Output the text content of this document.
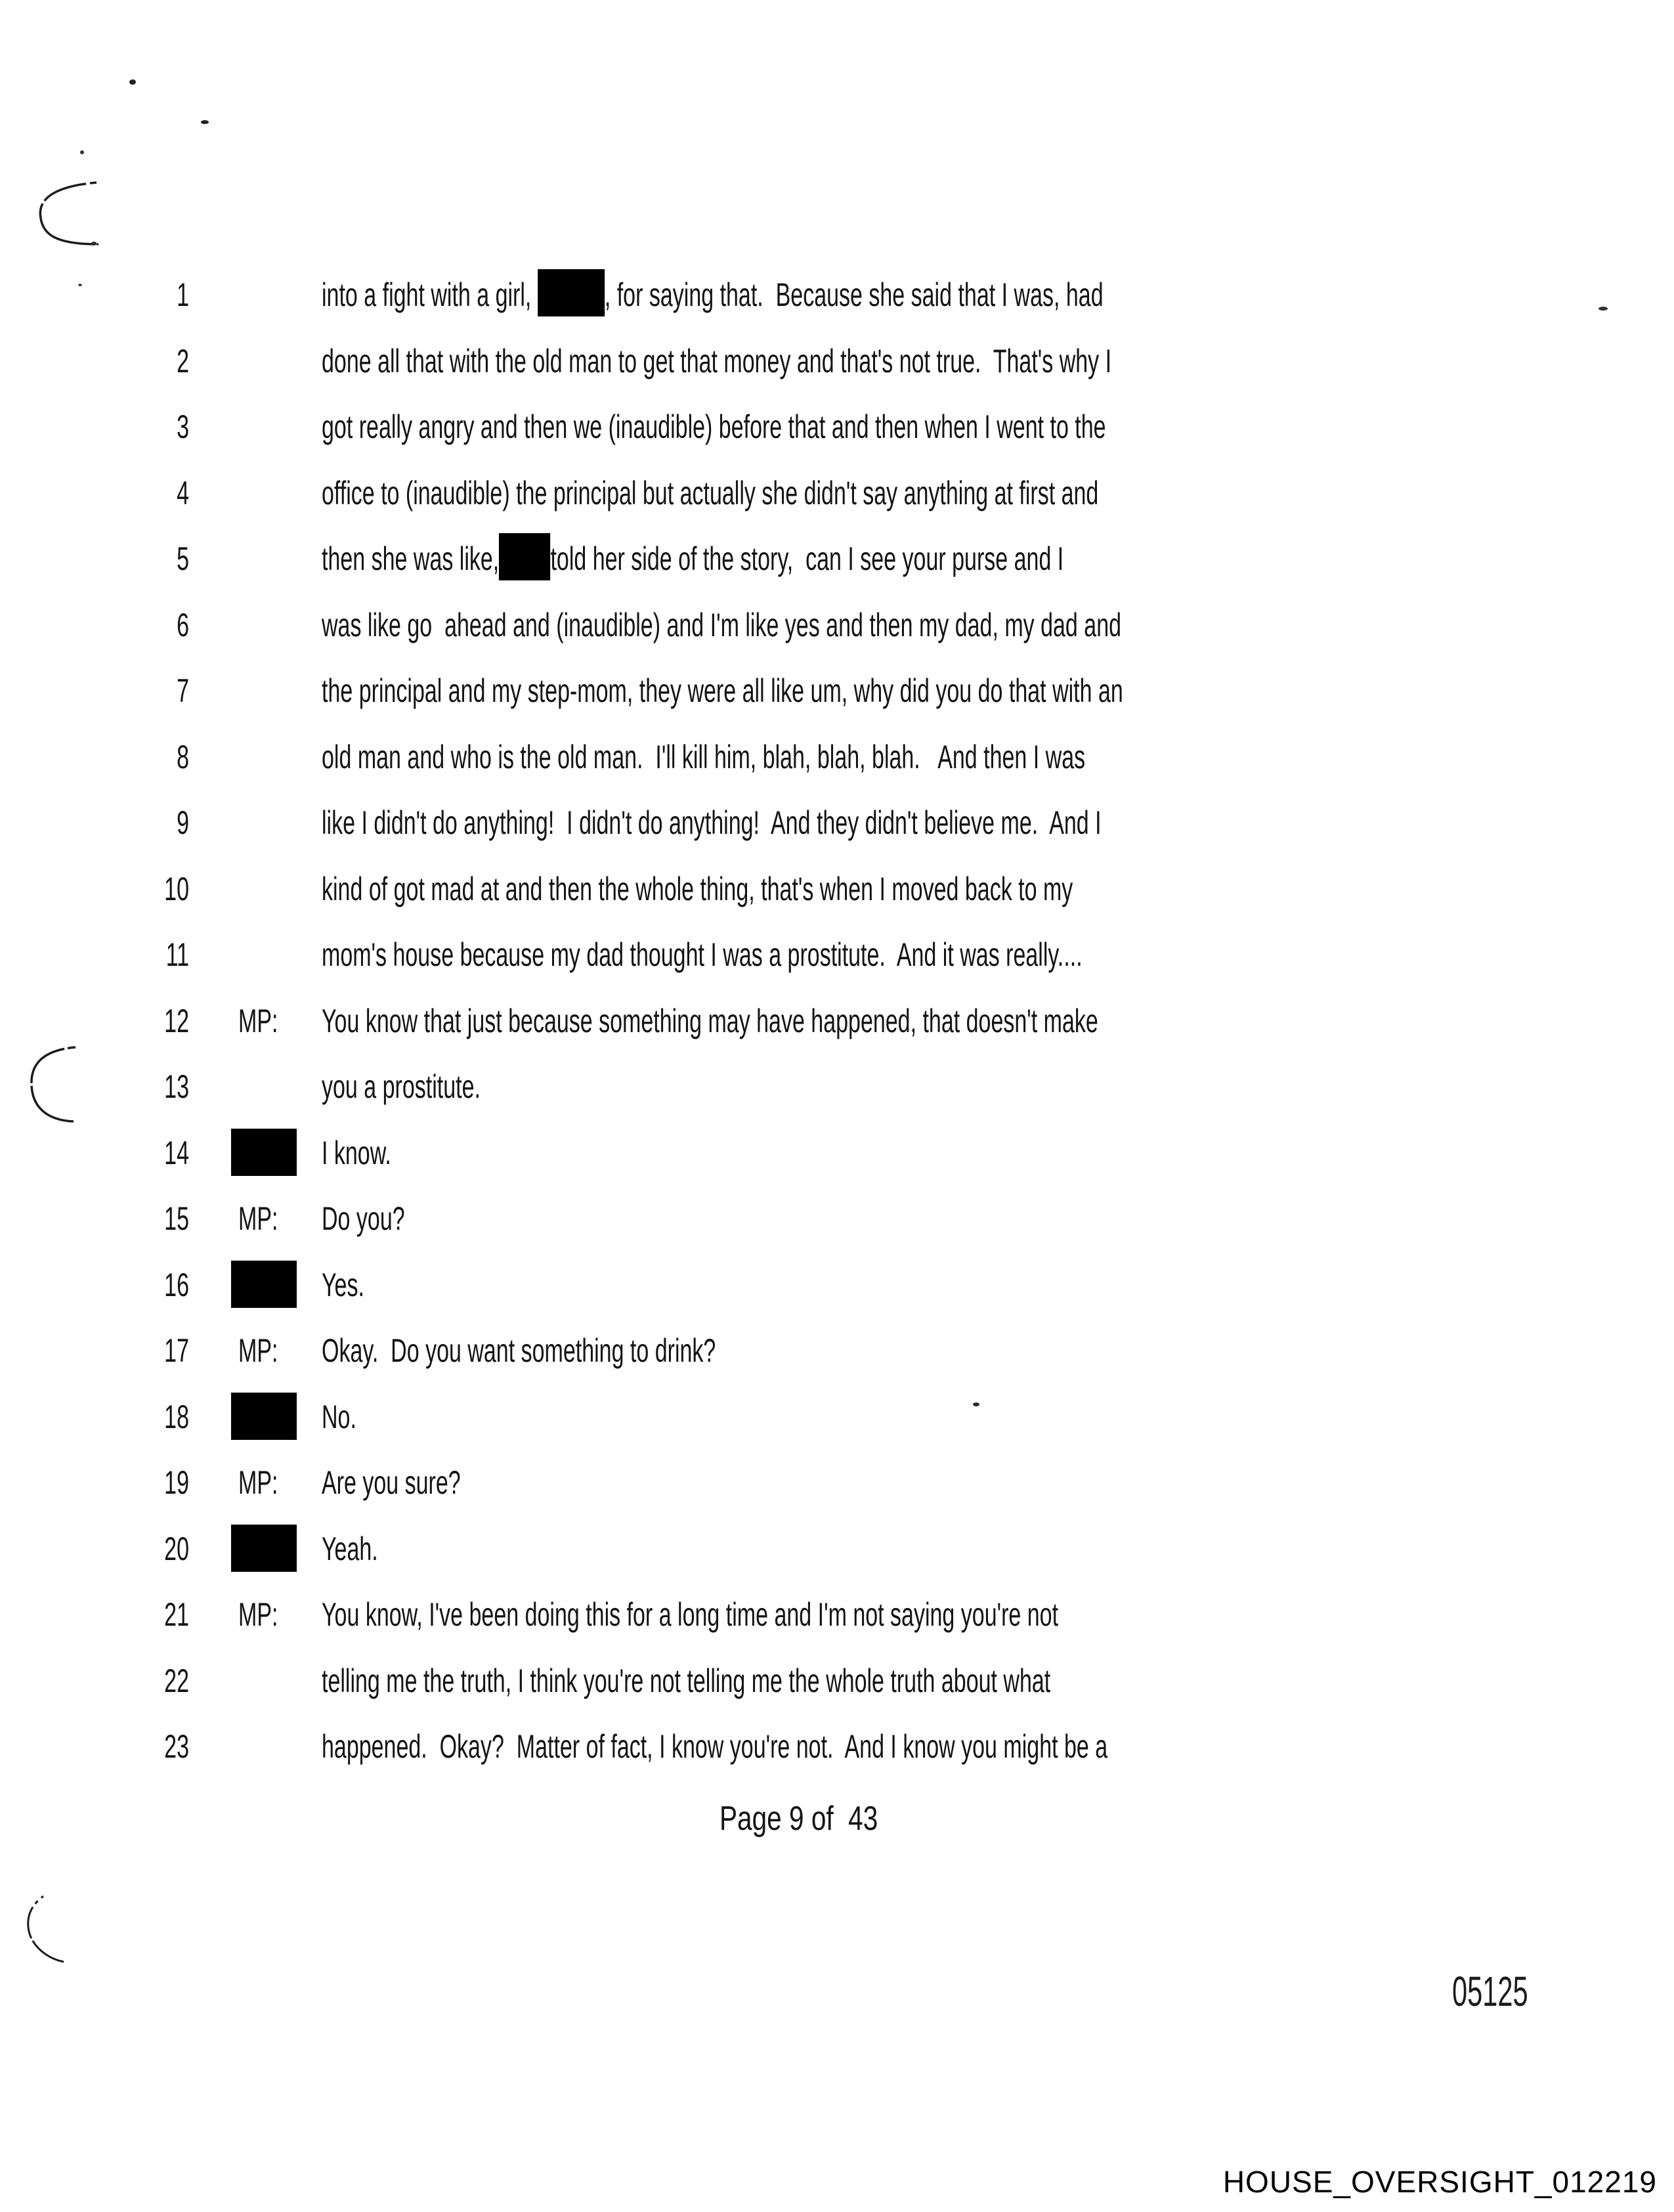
1	into a fight with a girl, , for saying that.  Because she said that I was, had
2	done all that with the old man to get that money and that's not true.  That's why I
3	got really angry and then we (inaudible) before that and then when I went to the
4	office to (inaudible) the principal but actually she didn't say anything at first and
5	then she was like, told her side of the story,  can I see your purse and I
6	was like go  ahead and (inaudible) and I'm like yes and then my dad, my dad and
7	the principal and my step-mom, they were all like um, why did you do that with an
8	old man and who is the old man.  I'll kill him, blah, blah, blah.   And then I was
9	like I didn't do anything!  I didn't do anything!  And they didn't believe me.  And I
10	kind of got mad at and then the whole thing, that's when I moved back to my
11	mom's house because my dad thought I was a prostitute.  And it was really....
12 MP: You know that just because something may have happened, that doesn't make
13	you a prostitute.
14	I know.
15 MP: Do you?
16	Yes.
17 MP: Okay.  Do you want something to drink?
18	No.
19 MP: Are you sure?
20	Yeah.
21 MP: You know, I've been doing this for a long time and I'm not saying you're not
22	telling me the truth, I think you're not telling me the whole truth about what
23	happened.  Okay?  Matter of fact, I know you're not.  And I know you might be a
Page 9 of  43
05125
HOUSE_OVERSIGHT_012219
